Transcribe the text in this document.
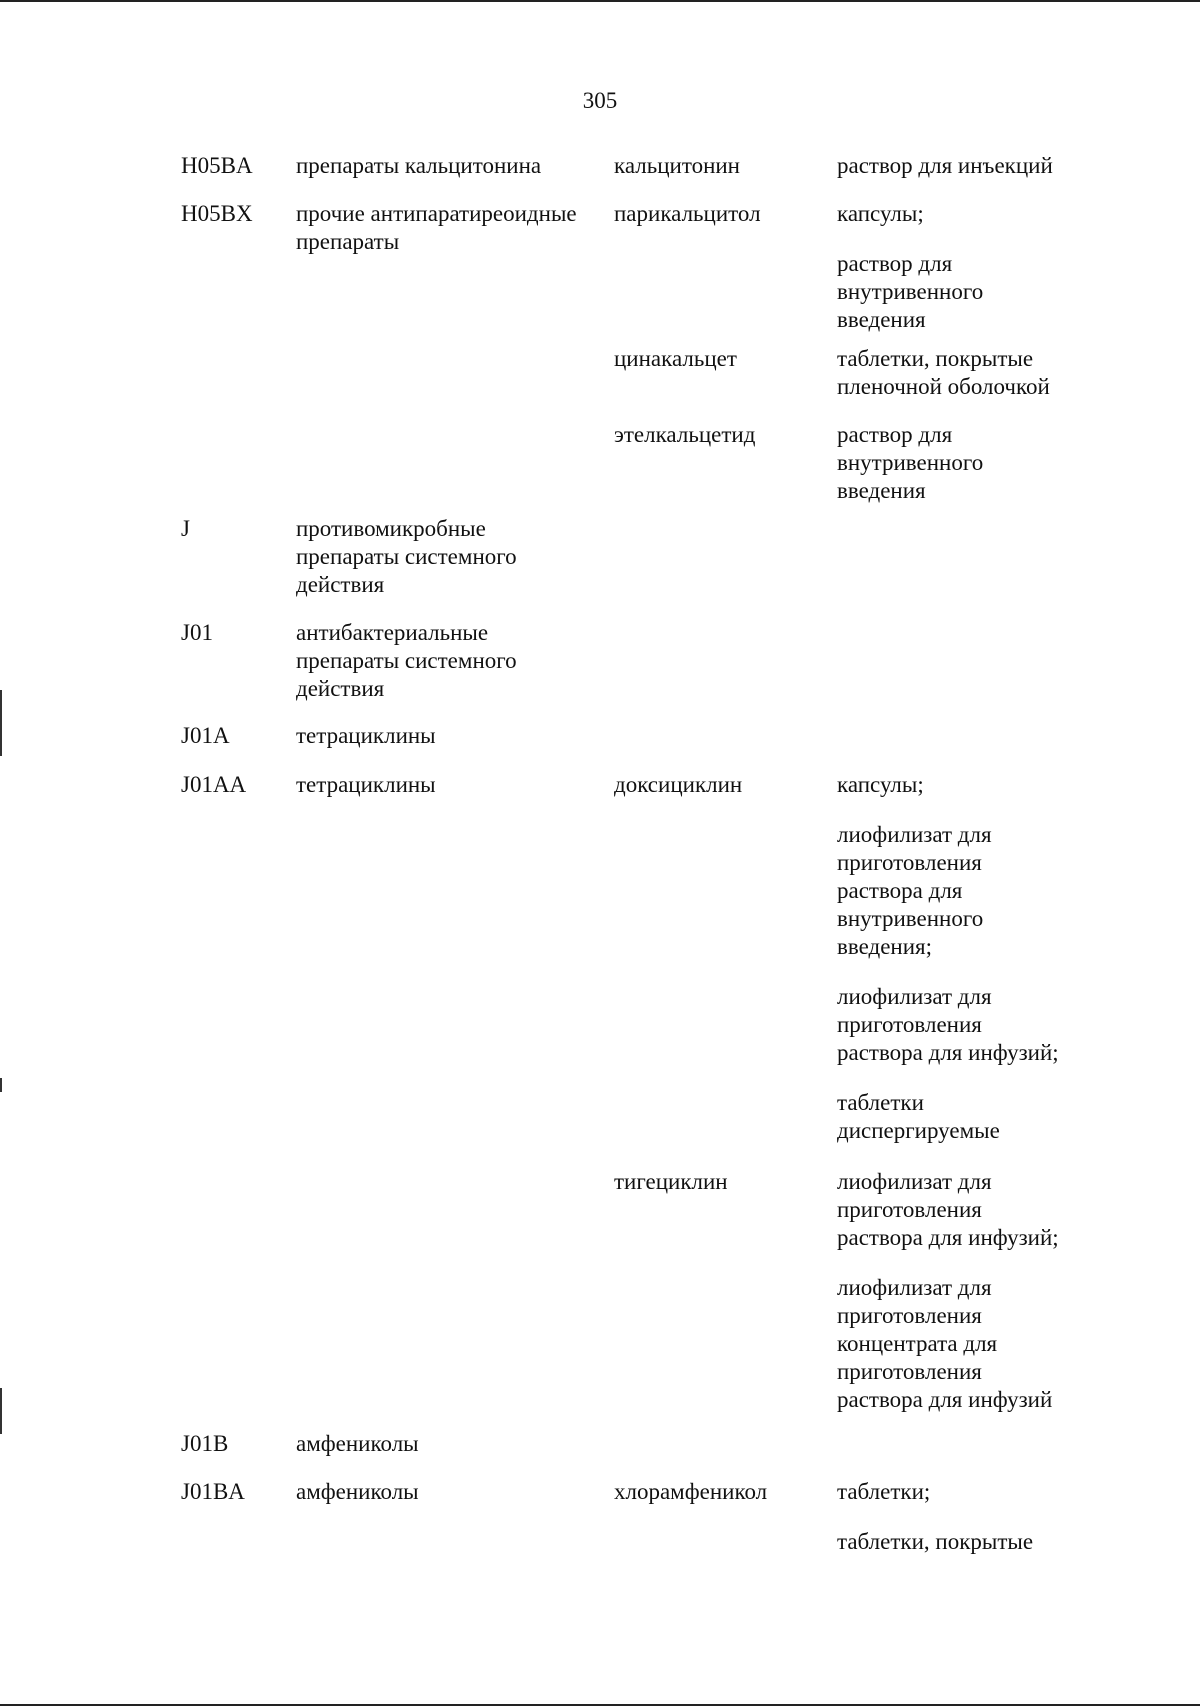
305
H05BA препараты кальцитонина	кальцитонин	раствор для инъекций
H05BX прочие антипаратиреоидные
препараты
парикальцитол	капсулы;
раствор для
внутривенного
введения
цинакальцет	таблетки, покрытые
пленочной оболочкой
этелкальцетид	раствор для
внутривенного
введения
J	противомикробные
препараты системного
действия
J01	антибактериальные
препараты системного
действия
J01A	тетрациклины
J01AA тетрациклины	доксициклин	капсулы;
лиофилизат для
приготовления
раствора для
внутривенного
введения;
лиофилизат для
приготовления
раствора для инфузий;
таблетки
диспергируемые
тигециклин	лиофилизат для
приготовления
раствора для инфузий;
лиофилизат для
приготовления
концентрата для
приготовления
раствора для инфузий
J01B	амфениколы
J01BA амфениколы	хлорамфеникол	таблетки;
таблетки, покрытые
